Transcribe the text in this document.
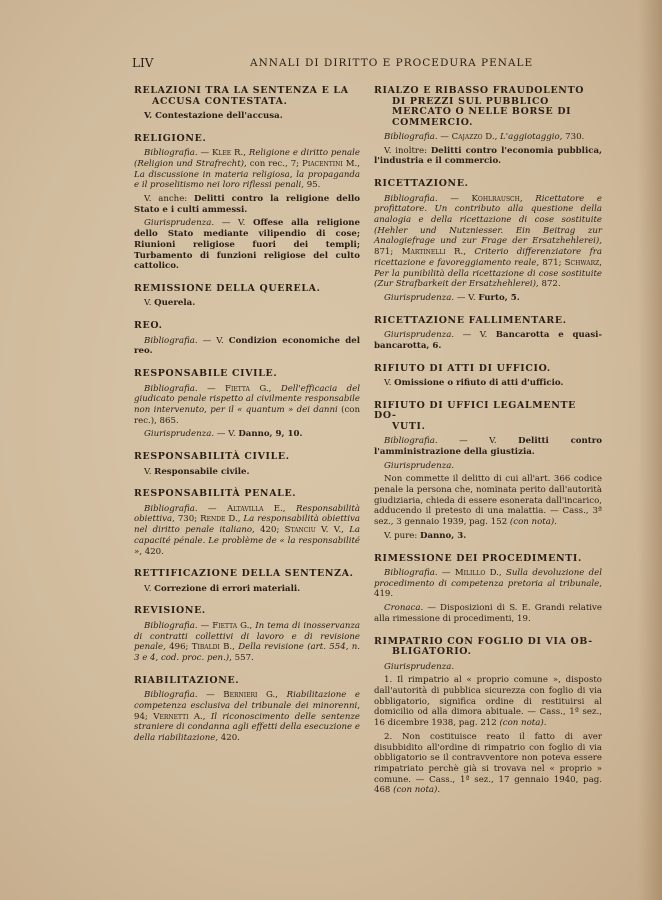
LIV	ANNALI DI DIRITTO E PROCEDURA PENALE
RELAZIONI TRA LA SENTENZA E LA
ACCUSA CONTESTATA.
V. Contestazione dell'accusa.
RELIGIONE.
Bibliografia. — Klee R., Religione e diritto penale (Religion und Strafrecht), con rec., 7; Piacentini M., La discussione in materia religiosa, la propaganda e il proselitismo nei loro riflessi penali, 95.
V. anche: Delitti contro la religione dello Stato e i culti ammessi.
Giurisprudenza. — V. Offese alla religione dello Stato mediante vilipendio di cose; Riunioni religiose fuori dei templi; Turbamento di funzioni religiose del culto cattolico.
REMISSIONE DELLA QUERELA.
V. Querela.
REO.
Bibliografia. — V. Condizion economiche del reo.
RESPONSABILE CIVILE.
Bibliografia. — Fietta G., Dell'efficacia del giudicato penale rispetto al civilmente responsabile non intervenuto, per il « quantum » dei danni (con rec.), 865.
Giurisprudenza. — V. Danno, 9, 10.
RESPONSABILITÀ CIVILE.
V. Responsabile civile.
RESPONSABILITÀ PENALE.
Bibliografia. — Altavilla E., Responsabilità obiettiva, 730; Rende D., La responsabilità obiettiva nel diritto penale italiano, 420; Stanciu V. V., La capacité pénale. Le problème de « la responsabilité », 420.
RETTIFICAZIONE DELLA SENTENZA.
V. Correzione di errori materiali.
REVISIONE.
Bibliografia. — Fietta G., In tema di inosservanza di contratti collettivi di lavoro e di revisione penale, 496; Tibaldi B., Della revisione (art. 554, n. 3 e 4, cod. proc. pen.), 557.
RIABILITAZIONE.
Bibliografia. — Bernieri G., Riabilitazione e competenza esclusiva del tribunale dei minorenni, 94; Vernetti A., Il riconoscimento delle sentenze straniere di condanna agli effetti della esecuzione e della riabilitazione, 420.
RIALZO E RIBASSO FRAUDOLENTO
DI PREZZI SUL PUBBLICO MERCATO O NELLE BORSE DI COMMERCIO.
Bibliografia. — Cajazzo D., L'aggiotaggio, 730.
V. inoltre: Delitti contro l'economia pubblica, l'industria e il commercio.
RICETTAZIONE.
Bibliografia. — Kohlrausch, Ricettatore e profittatore. Un contributo alla questione della analogia e della ricettazione di cose sostituite (Hehler und Nutzniesser. Ein Beitrag zur Analogiefrage und zur Frage der Ersatzhehlerei), 871; Martinelli R., Criterio differenziatore fra ricettazione e favoreggiamento reale, 871; Schwarz, Per la punibilità della ricettazione di cose sostituite (Zur Strafbarkeit der Ersatzhehlerei), 872.
Giurisprudenza. — V. Furto, 5.
RICETTAZIONE FALLIMENTARE.
Giurisprudenza. — V. Bancarotta e quasi-bancarotta, 6.
RIFIUTO DI ATTI DI UFFICIO.
V. Omissione o rifiuto di atti d'ufficio.
RIFIUTO DI UFFICI LEGALMENTE DO-
VUTI.
Bibliografia.	— V.	Delitti contro l'amministrazione della giustizia.
Giurisprudenza.
Non commette il delitto di cui all'art. 366 codice penale la persona che, nominata perito dall'autorità giudiziaria, chieda di essere esonerata dall'incarico, adducendo il pretesto di una malattia. — Cass., 3ª sez., 3 gennaio 1939, pag. 152 (con nota).
V. pure: Danno, 3.
RIMESSIONE DEI PROCEDIMENTI.
Bibliografia. — Milillo D., Sulla devoluzione del procedimento di competenza pretoria al tribunale, 419.
Cronaca. — Disposizioni di S. E. Grandi relative alla rimessione di procedimenti, 19.
RIMPATRIO CON FOGLIO DI VIA OB-
BLIGATORIO.
Giurisprudenza.
1. Il rimpatrio al « proprio comune », disposto dall'autorità di pubblica sicurezza con foglio di via obbligatorio, significa ordine di restituirsi al domicilio od alla dimora abituale. — Cass., 1ª sez., 16 dicembre 1938, pag. 212 (con nota).
2. Non costituisce reato il fatto di aver disubbidito all'ordine di rimpatrio con foglio di via obbligatorio se il contravventore non poteva essere rimpatriato perchè già si trovava nel « proprio » comune. — Cass., 1ª sez., 17 gennaio 1940, pag. 468 (con nota).
